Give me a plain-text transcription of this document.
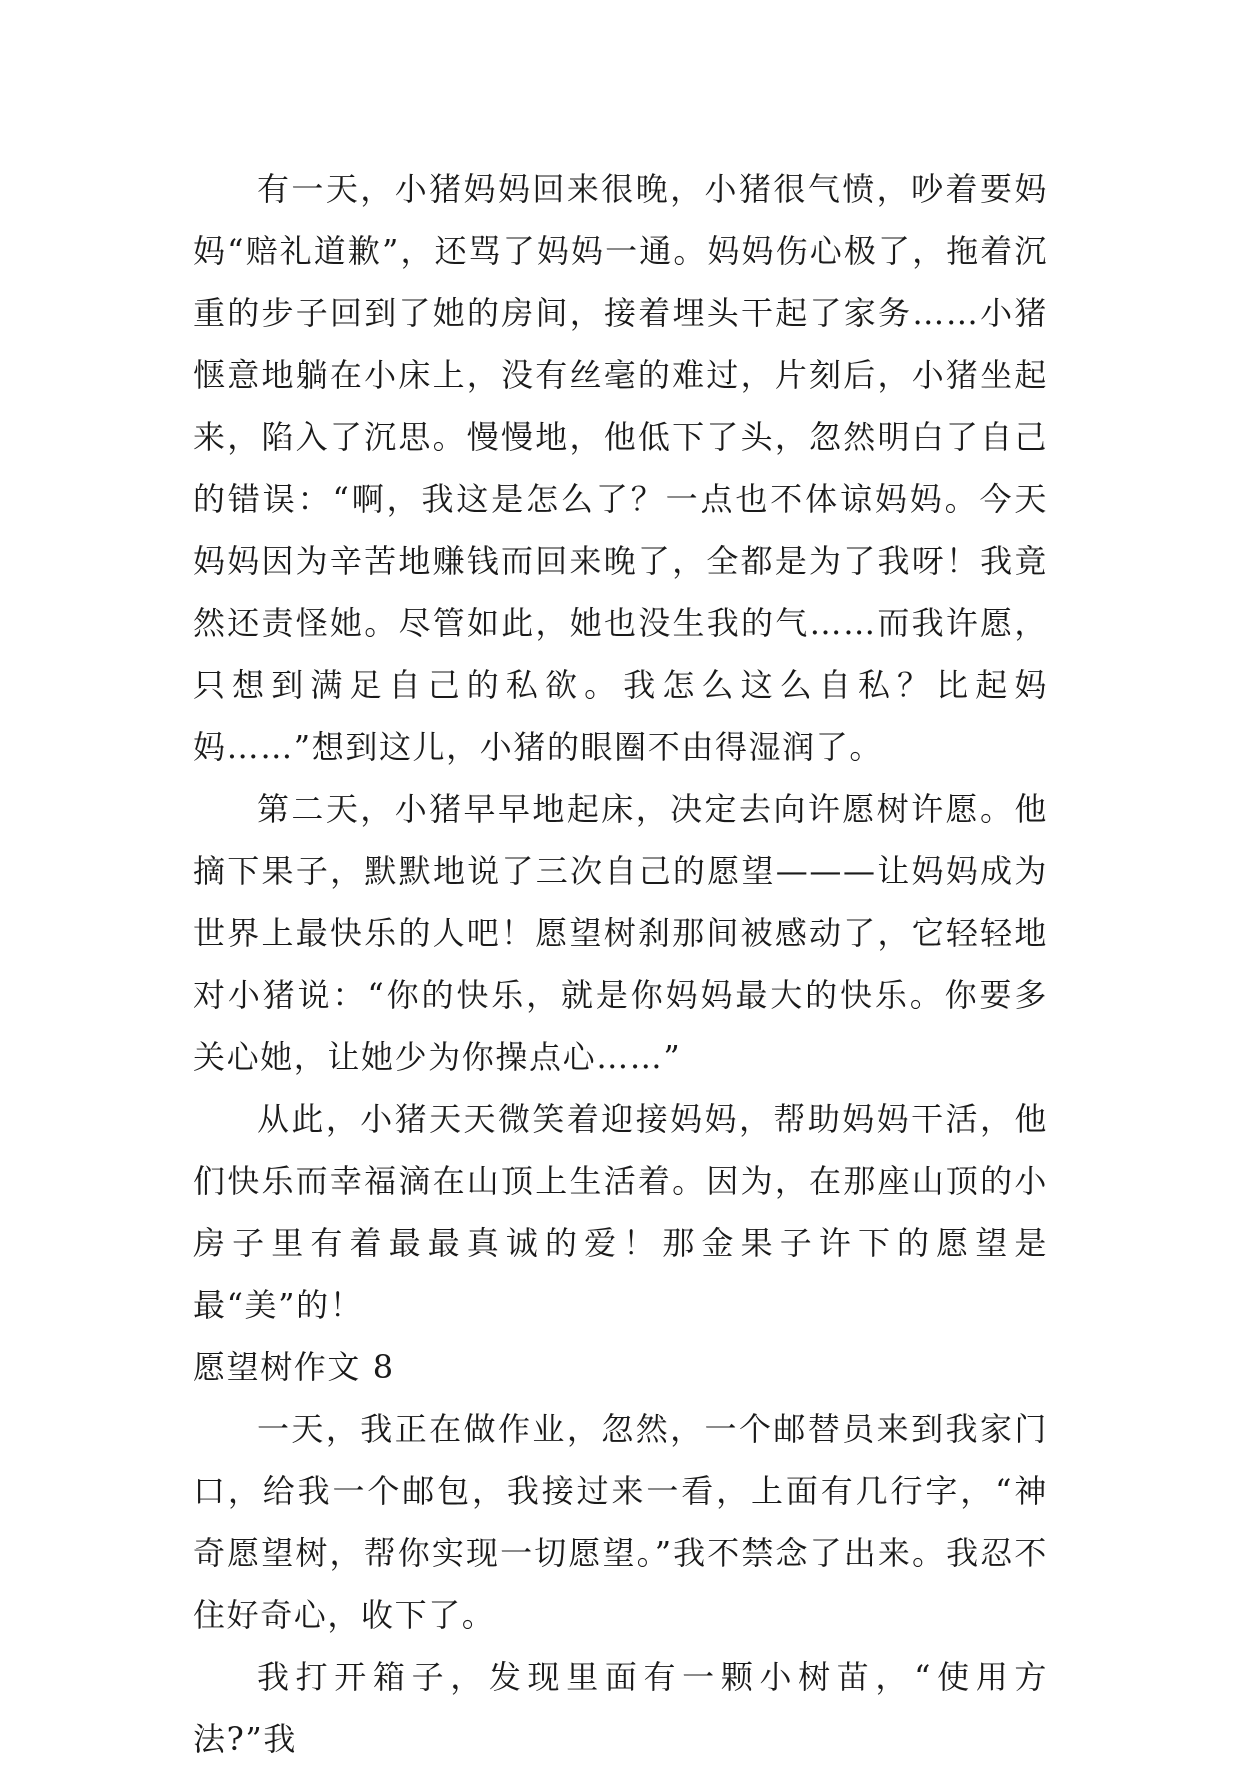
有一天，小猪妈妈回来很晚，小猪很气愤，吵着要妈妈“赔礼道歉”，还骂了妈妈一通。妈妈伤心极了，拖着沉重的步子回到了她的房间，接着埋头干起了家务……小猪惬意地躺在小床上，没有丝毫的难过，片刻后，小猪坐起来，陷入了沉思。慢慢地，他低下了头，忽然明白了自己的错误：“啊，我这是怎么了？一点也不体谅妈妈。今天妈妈因为辛苦地赚钱而回来晚了，全都是为了我呀！我竟然还责怪她。尽管如此，她也没生我的气……而我许愿，只想到满足自己的私欲。我怎么这么自私？比起妈妈……”想到这儿，小猪的眼圈不由得湿润了。

第二天，小猪早早地起床，决定去向许愿树许愿。他摘下果子，默默地说了三次自己的愿望———让妈妈成为世界上最快乐的人吧！愿望树刹那间被感动了，它轻轻地对小猪说：“你的快乐，就是你妈妈最大的快乐。你要多关心她，让她少为你操点心……”

从此，小猪天天微笑着迎接妈妈，帮助妈妈干活，他们快乐而幸福滴在山顶上生活着。因为，在那座山顶的小房子里有着最最真诚的爱！那金果子许下的愿望是最“美”的！

愿望树作文 8

一天，我正在做作业，忽然，一个邮替员来到我家门口，给我一个邮包，我接过来一看，上面有几行字，“神奇愿望树，帮你实现一切愿望。”我不禁念了出来。我忍不住好奇心，收下了。

我打开箱子，发现里面有一颗小树苗，“使用方法?”我
